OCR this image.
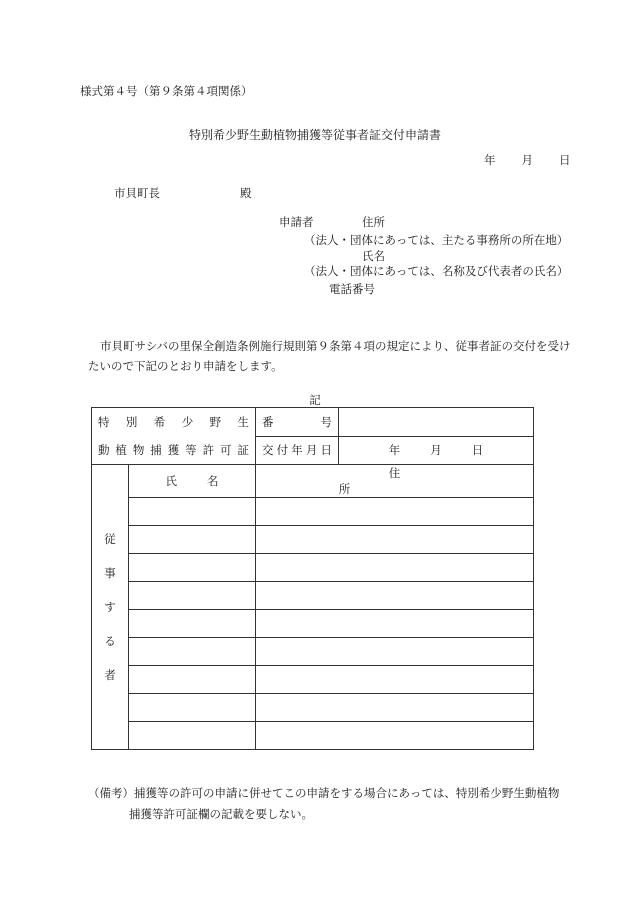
様式第４号（第９条第４項関係）
特別希少野生動植物捕獲等従事者証交付申請書
年 月 日
市貝町長	殿
申請者	住所
（法人・団体にあっては、主たる事務所の所在地）
氏名
（法人・団体にあっては、名称及び代表者の氏名）
電話番号
市貝町サシバの里保全創造条例施行規則第９条第４項の規定により、従事者証の交付を受けたいので下記のとおり申請をします。
記
特別希少野生
動植物捕獲等許可証		番号	
		交付年月日	年 月 日

従事する者	氏名	住所	

（備考）捕獲等の許可の申請に併せてこの申請をする場合にあっては、特別希少野生動植物
捕獲等許可証欄の記載を要しない。
